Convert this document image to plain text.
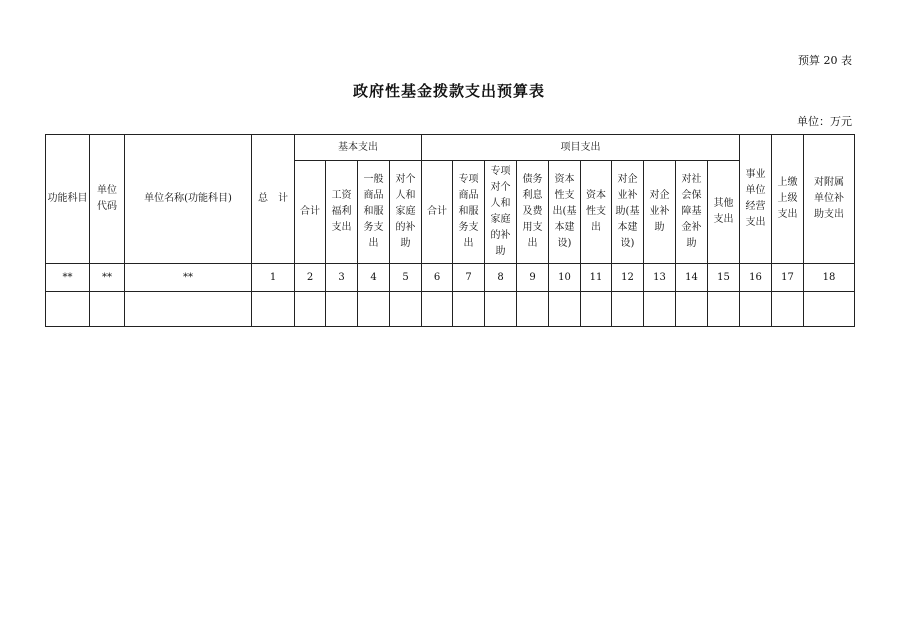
预算 20 表
政府性基金拨款支出预算表
单位：万元
功能科目	单位代码	单位名称(功能科目)	总　计	基本支出				项目支出										事业单位经营支出	上缴上级支出	对附属单位补助支出
				合计	工资福利支出	一般商品和服务支出	对个人和家庭的补助	合计	专项商品和服务支出	专项对个人和家庭的补助	债务利息及费用支出	资本性支出(基本建设)	资本性支出	对企业补助(基本建设)	对企业补助	对社会保障基金补助	其他支出			
**	**	**	1	2	3	4	5	6	7	8	9	10	11	12	13	14	15	16	17	18
